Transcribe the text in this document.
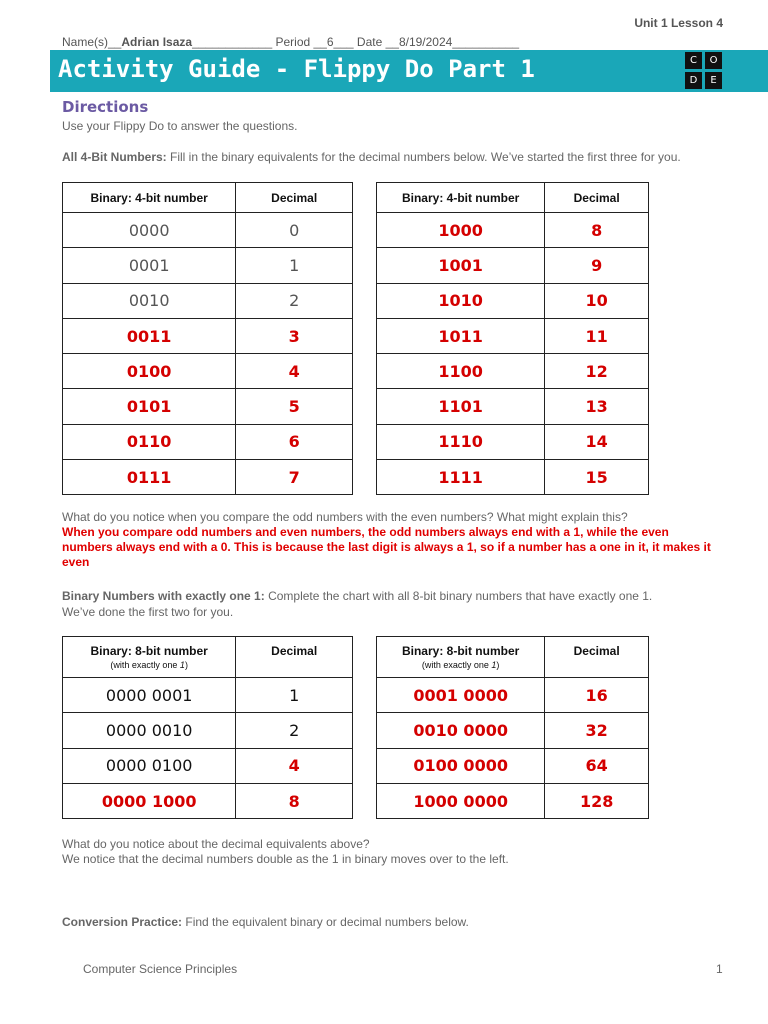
Unit 1 Lesson 4
Name(s)__Adrian Isaza____________ Period __6___ Date __8/19/2024__________
Activity Guide - Flippy Do Part 1	C	O
D	E
Directions
Use your Flippy Do to answer the questions.
All 4-Bit Numbers: Fill in the binary equivalents for the decimal numbers below. We’ve started the first three for you.
Binary: 4-bit number	Decimal
0000	0
0001	1
0010	2
0011	3
0100	4
0101	5
0110	6
0111	7
Binary: 4-bit number	Decimal
1000	8
1001	9
1010	10
1011	11
1100	12
1101	13
1110	14
1111	15
What do you notice when you compare the odd numbers with the even numbers? What might explain this?
When you compare odd numbers and even numbers, the odd numbers always end with a 1, while the even numbers always end with a 0. This is because the last digit is always a 1, so if a number has a one in it, it makes it even
Binary Numbers with exactly one 1: Complete the chart with all 8-bit binary numbers that have exactly one 1.
We’ve done the first two for you.
Binary: 8-bit number
(with exactly one 1)	Decimal
0000 0001	1
0000 0010	2
0000 0100	4
0000 1000	8
Binary: 8-bit number
(with exactly one 1)	Decimal
0001 0000	16
0010 0000	32
0100 0000	64
1000 0000	128
What do you notice about the decimal equivalents above?
We notice that the decimal numbers double as the 1 in binary moves over to the left.
Conversion Practice: Find the equivalent binary or decimal numbers below.
Computer Science Principles	1
